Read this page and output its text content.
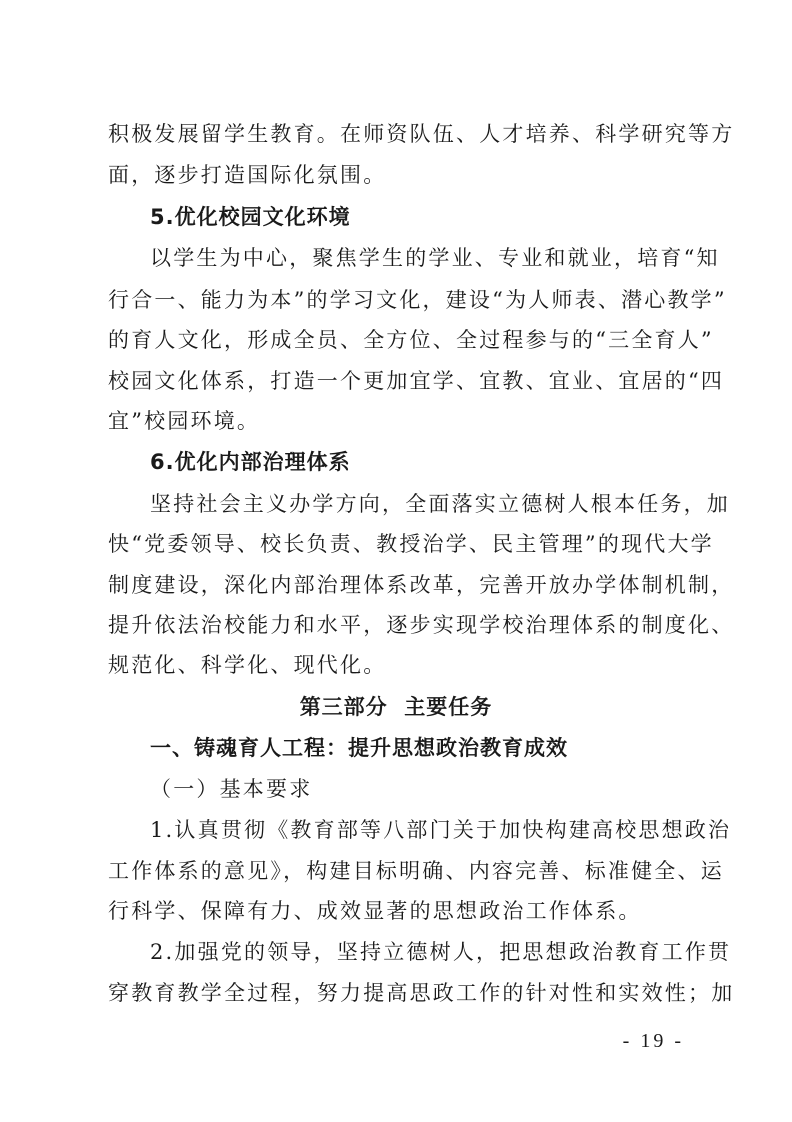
积极发展留学生教育。在师资队伍、人才培养、科学研究等方
面，逐步打造国际化氛围。
5.优化校园文化环境
以学生为中心，聚焦学生的学业、专业和就业，培育“知
行合一、能力为本”的学习文化，建设“为人师表、潜心教学”
的育人文化，形成全员、全方位、全过程参与的“三全育人”
校园文化体系，打造一个更加宜学、宜教、宜业、宜居的“四
宜”校园环境。
6.优化内部治理体系
坚持社会主义办学方向，全面落实立德树人根本任务，加
快“党委领导、校长负责、教授治学、民主管理”的现代大学
制度建设，深化内部治理体系改革，完善开放办学体制机制，
提升依法治校能力和水平，逐步实现学校治理体系的制度化、
规范化、科学化、现代化。
第三部分  主要任务
一、铸魂育人工程：提升思想政治教育成效
（一）基本要求
1.认真贯彻《教育部等八部门关于加快构建高校思想政治
工作体系的意见》，构建目标明确、内容完善、标准健全、运
行科学、保障有力、成效显著的思想政治工作体系。
2.加强党的领导，坚持立德树人，把思想政治教育工作贯
穿教育教学全过程，努力提高思政工作的针对性和实效性；加
- 19 -
